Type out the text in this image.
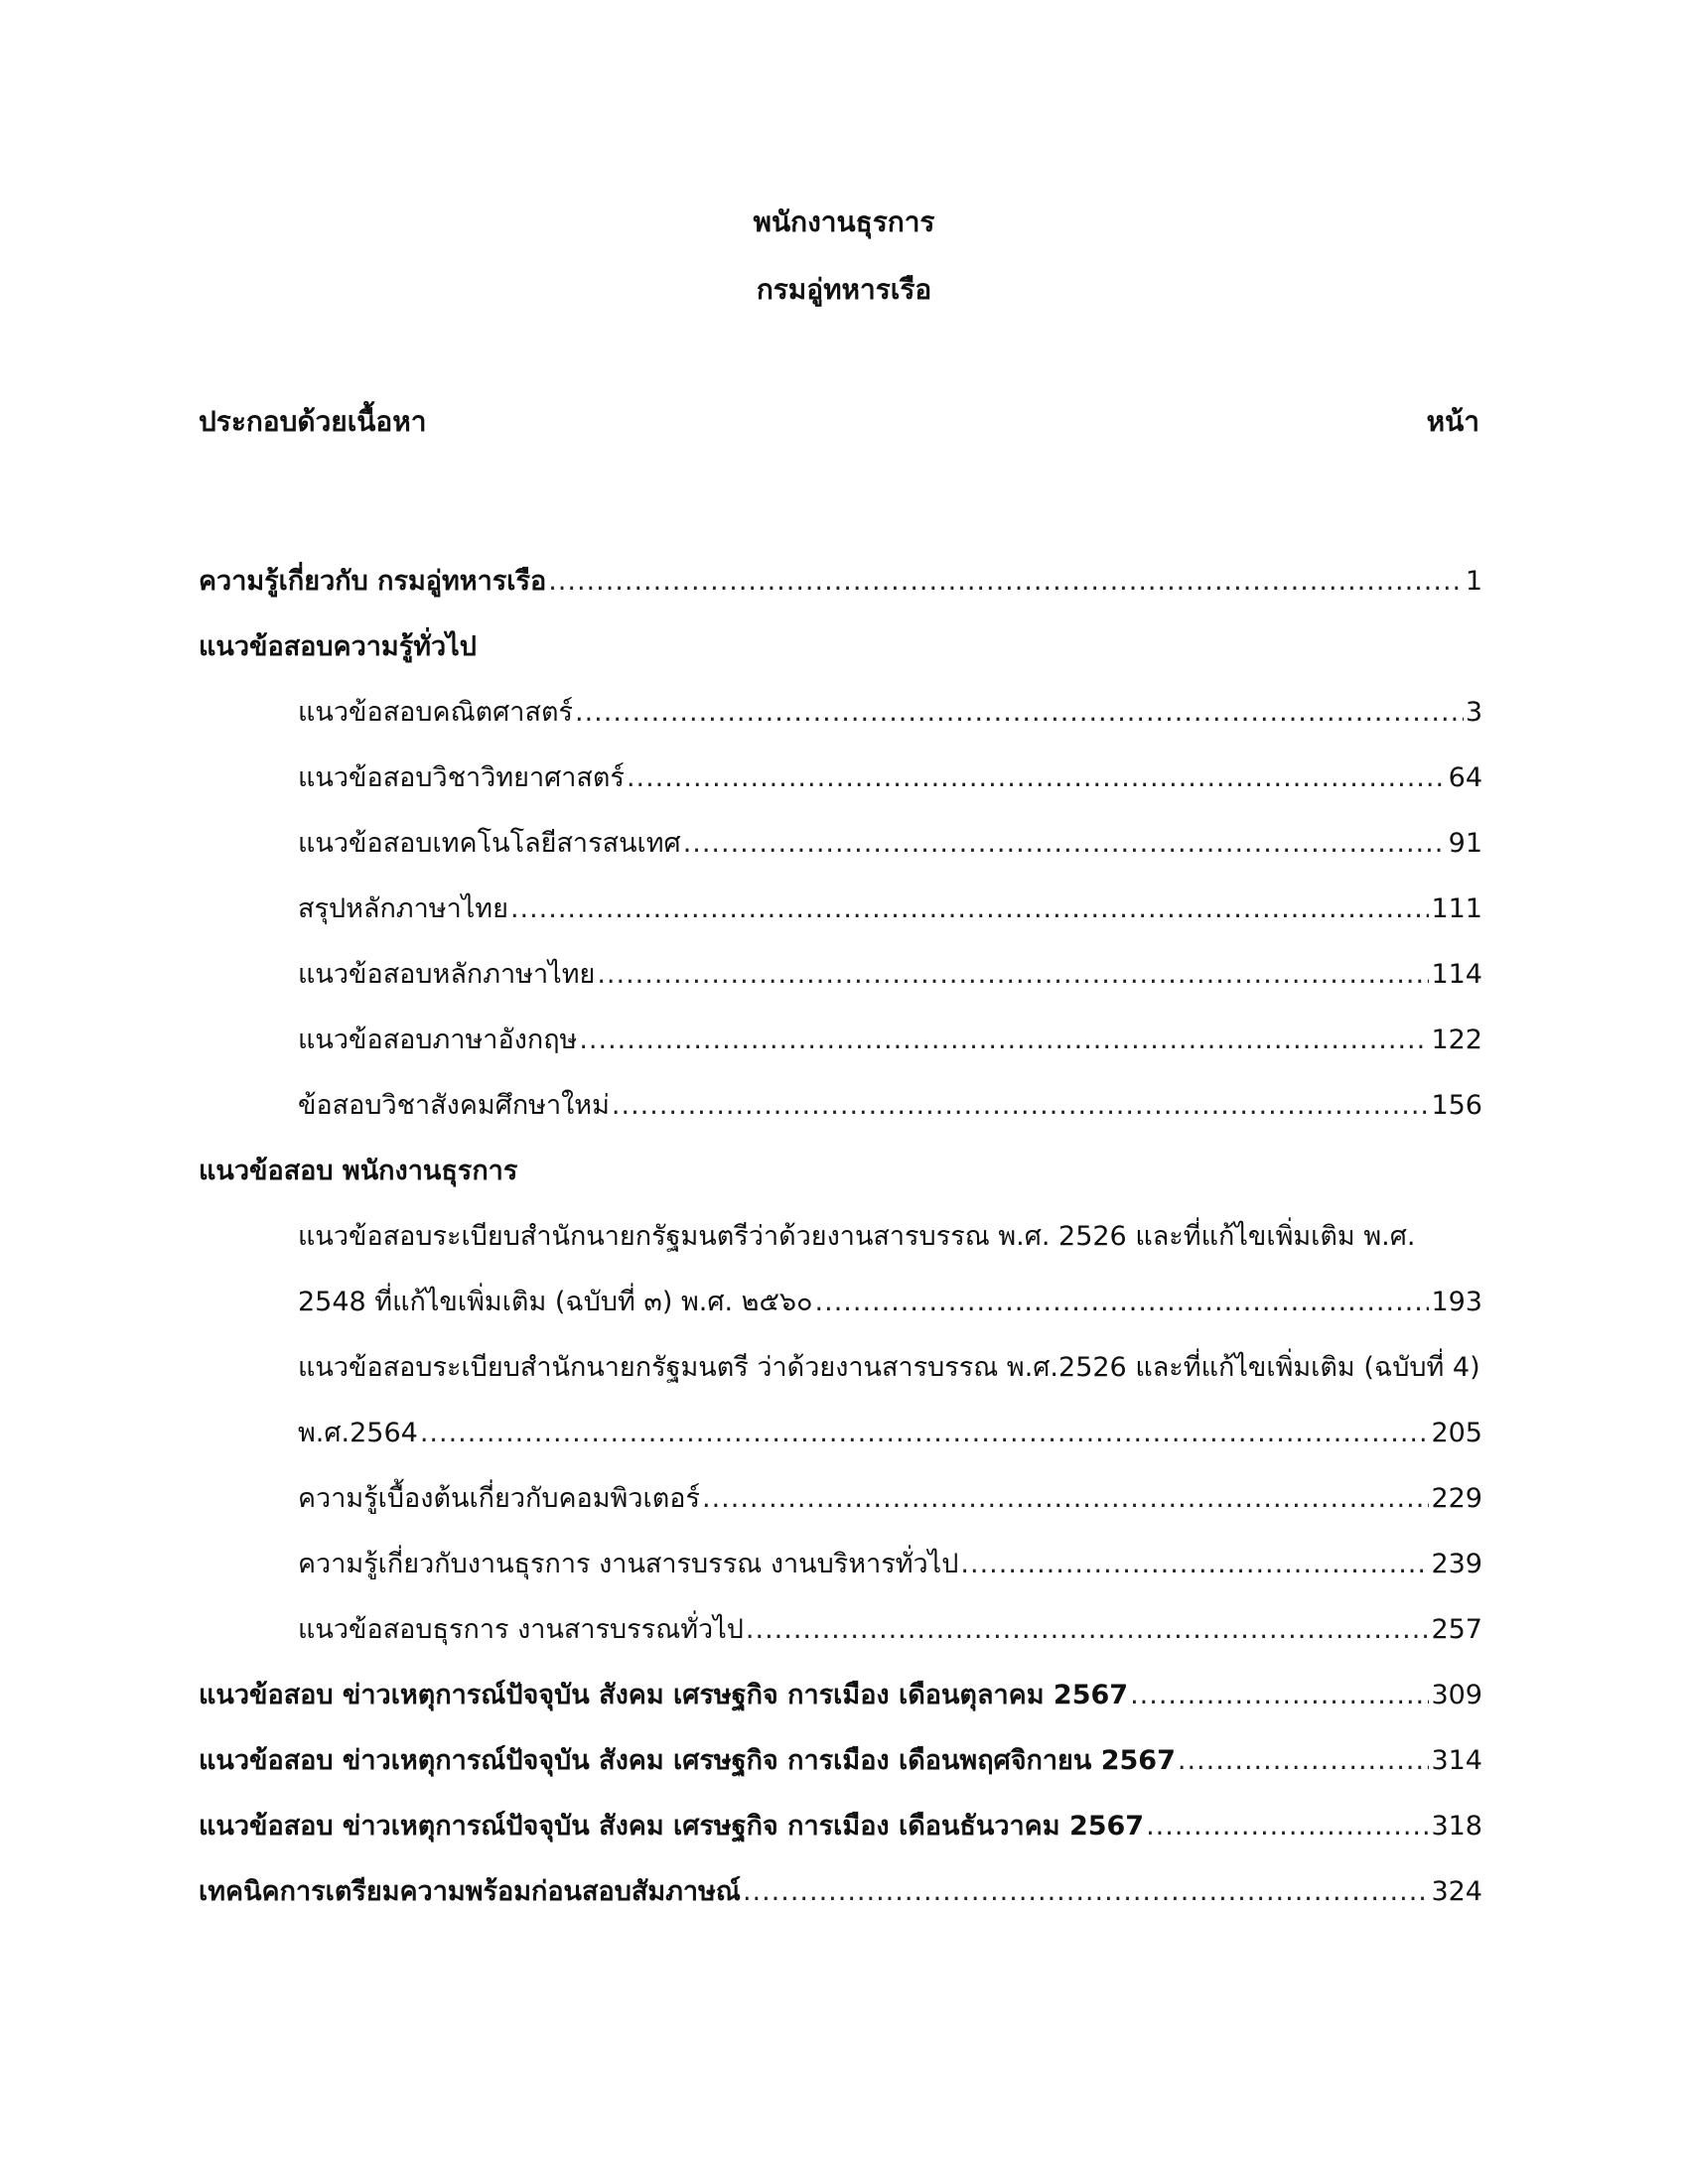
พนักงานธุรการ
กรมอู่ทหารเรือ
ประกอบด้วยเนื้อหา	หน้า
ความรู้เกี่ยวกับ กรมอู่ทหารเรือ .....	1
แนวข้อสอบความรู้ทั่วไป
แนวข้อสอบคณิตศาสตร์ .....	3
แนวข้อสอบวิชาวิทยาศาสตร์ .....	64
แนวข้อสอบเทคโนโลยีสารสนเทศ .....	91
สรุปหลักภาษาไทย .....	111
แนวข้อสอบหลักภาษาไทย .....	114
แนวข้อสอบภาษาอังกฤษ .....	122
ข้อสอบวิชาสังคมศึกษาใหม่ .....	156
แนวข้อสอบ พนักงานธุรการ
แนวข้อสอบระเบียบสำนักนายกรัฐมนตรีว่าด้วยงานสารบรรณ พ.ศ. 2526 และที่แก้ไขเพิ่มเติม พ.ศ.
2548 ที่แก้ไขเพิ่มเติม (ฉบับที่ ๓) พ.ศ. ๒๕๖๐ .....	193
แนวข้อสอบระเบียบสำนักนายกรัฐมนตรี ว่าด้วยงานสารบรรณ พ.ศ.2526 และที่แก้ไขเพิ่มเติม (ฉบับที่ 4)
พ.ศ.2564 .....	205
ความรู้เบื้องต้นเกี่ยวกับคอมพิวเตอร์ .....	229
ความรู้เกี่ยวกับงานธุรการ งานสารบรรณ งานบริหารทั่วไป .....	239
แนวข้อสอบธุรการ งานสารบรรณทั่วไป .....	257
แนวข้อสอบ ข่าวเหตุการณ์ปัจจุบัน สังคม เศรษฐกิจ การเมือง เดือนตุลาคม 2567 .....	309
แนวข้อสอบ ข่าวเหตุการณ์ปัจจุบัน สังคม เศรษฐกิจ การเมือง เดือนพฤศจิกายน 2567 .....	314
แนวข้อสอบ ข่าวเหตุการณ์ปัจจุบัน สังคม เศรษฐกิจ การเมือง เดือนธันวาคม 2567 .....	318
เทคนิคการเตรียมความพร้อมก่อนสอบสัมภาษณ์ .....	324
